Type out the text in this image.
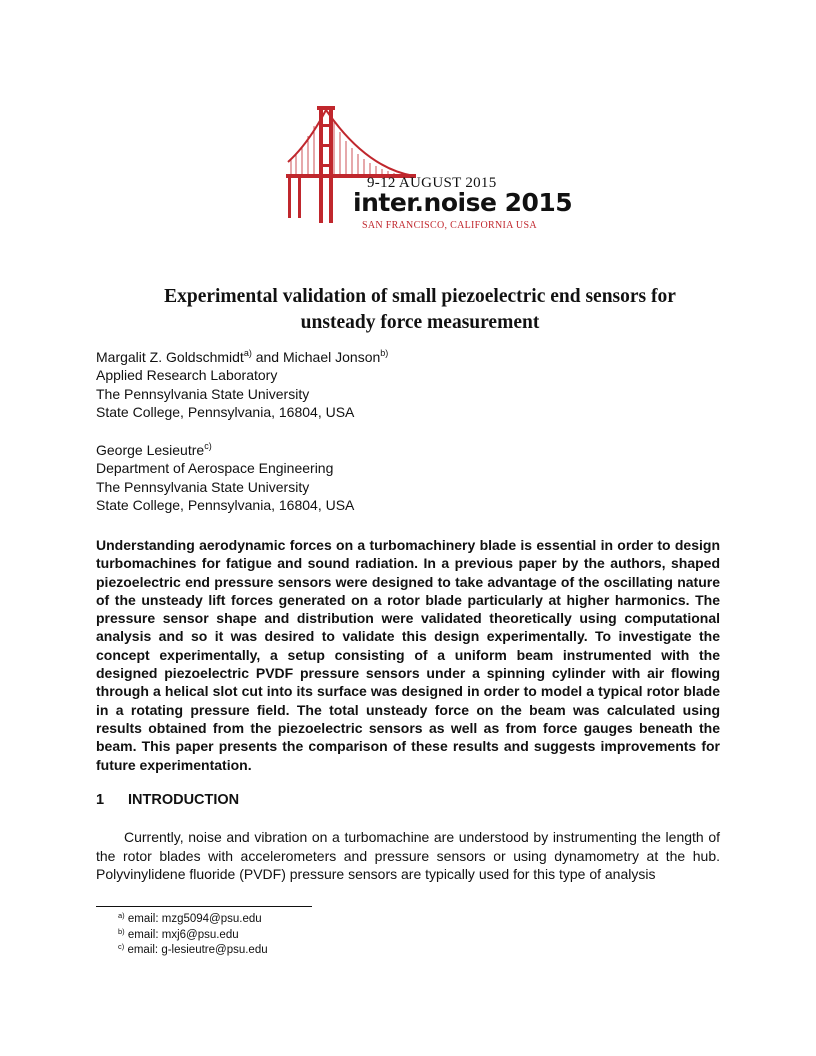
9-12 AUGUST 2015
inter.noise 2015
SAN FRANCISCO, CALIFORNIA USA
Experimental validation of small piezoelectric end sensors for
unsteady force measurement
Margalit Z. Goldschmidt$^{a)}$ and Michael Jonson$^{b)}$
Applied Research Laboratory
The Pennsylvania State University
State College, Pennsylvania, 16804, USA
George Lesieutre$^{c)}$
Department of Aerospace Engineering
The Pennsylvania State University
State College, Pennsylvania, 16804, USA
Understanding aerodynamic forces on a turbomachinery blade is essential in order to design turbomachines for fatigue and sound radiation. In a previous paper by the authors, shaped piezoelectric end pressure sensors were designed to take advantage of the oscillating nature of the unsteady lift forces generated on a rotor blade particularly at higher harmonics. The pressure sensor shape and distribution were validated theoretically using computational analysis and so it was desired to validate this design experimentally. To investigate the concept experimentally, a setup consisting of a uniform beam instrumented with the designed piezoelectric PVDF pressure sensors under a spinning cylinder with air flowing through a helical slot cut into its surface was designed in order to model a typical rotor blade in a rotating pressure field. The total unsteady force on the beam was calculated using results obtained from the piezoelectric sensors as well as from force gauges beneath the beam. This paper presents the comparison of these results and suggests improvements for future experimentation.
1 INTRODUCTION
Currently, noise and vibration on a turbomachine are understood by instrumenting the length of the rotor blades with accelerometers and pressure sensors or using dynamometry at the hub. Polyvinylidene fluoride (PVDF) pressure sensors are typically used for this type of analysis
$^{a)}$ email: mzg5094@psu.edu
$^{b)}$ email: mxj6@psu.edu
$^{c)}$ email: g-lesieutre@psu.edu
